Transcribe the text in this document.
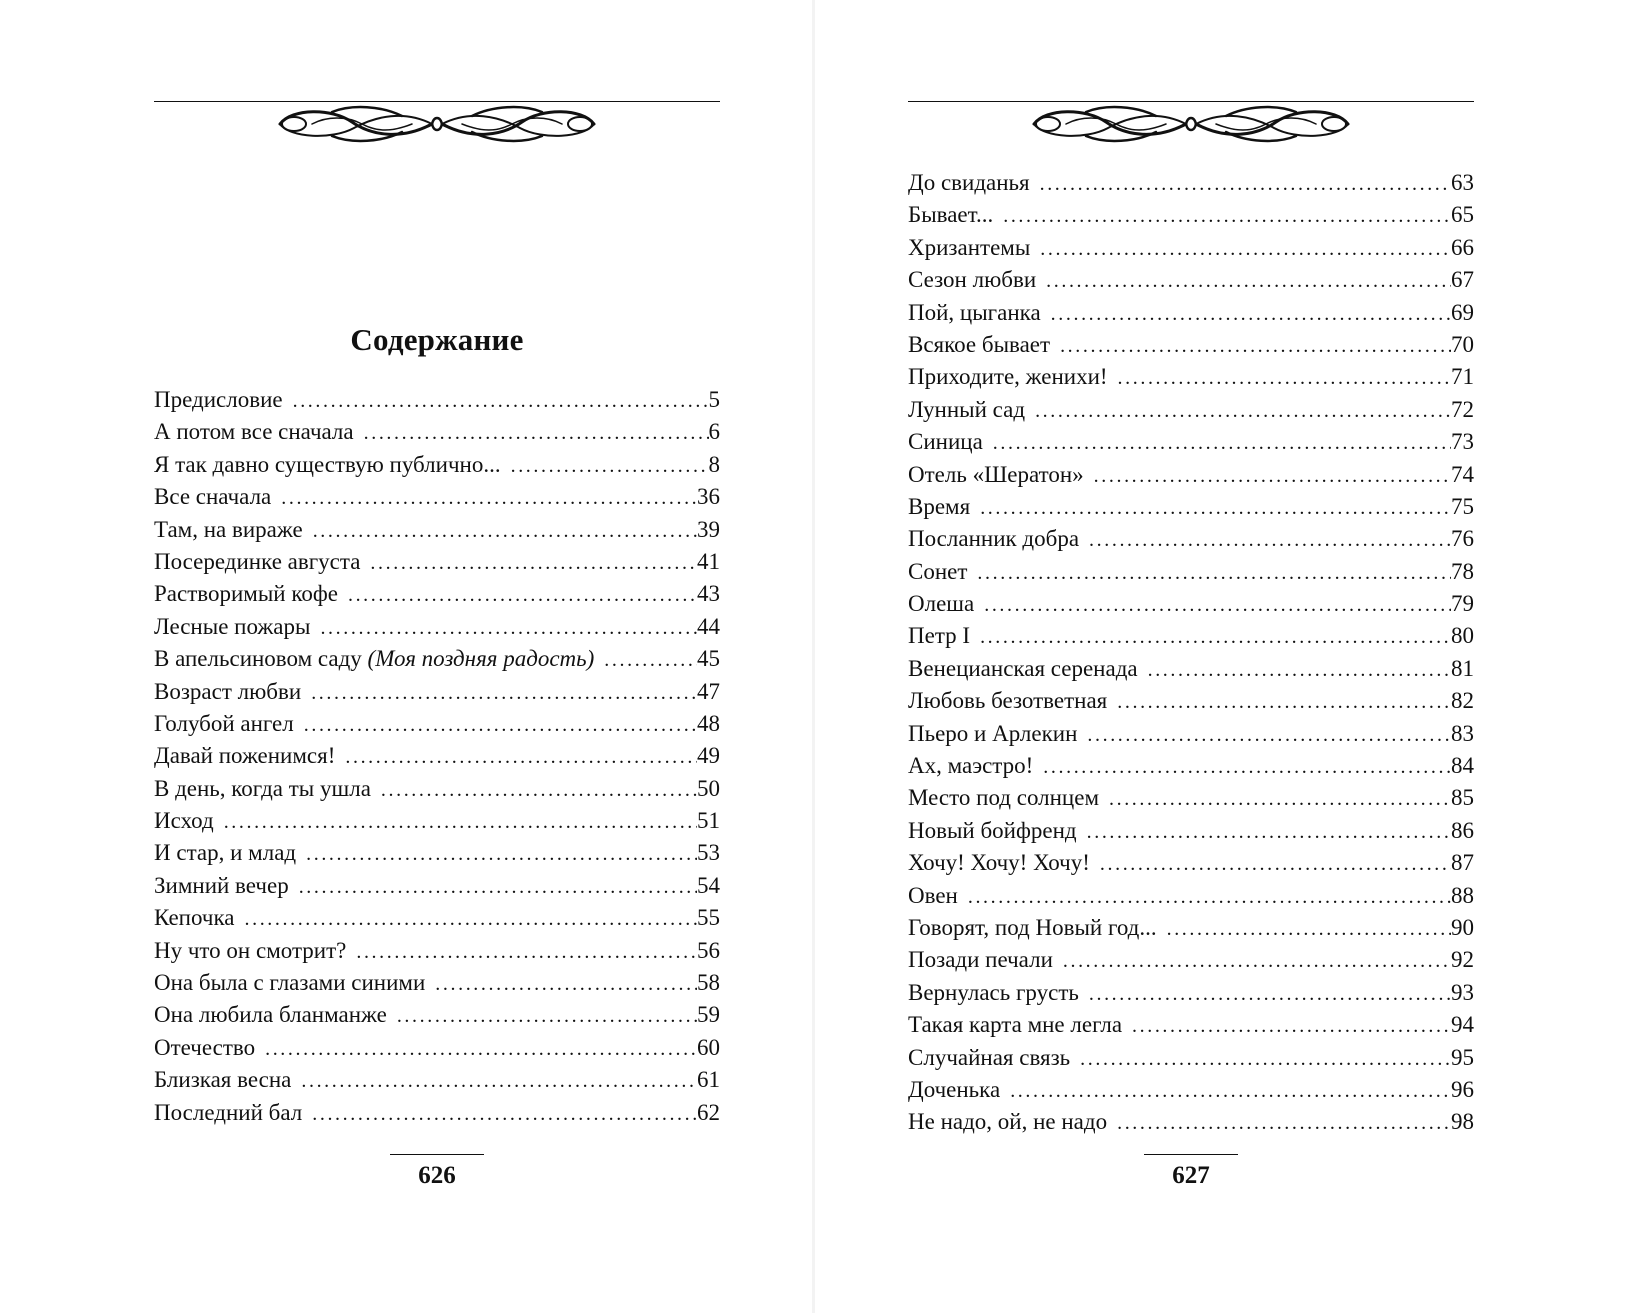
Содержание
Предисловие . . .	5
А потом все сначала . . .	6
Я так давно существую публично... . . .	8
Все сначала . . .	36
Там, на вираже . . .	39
Посерединке августа . . .	41
Растворимый кофе . . .	43
Лесные пожары . . .	44
В апельсиновом саду (Моя поздняя радость) . . .	45
Возраст любви . . .	47
Голубой ангел . . .	48
Давай поженимся! . . .	49
В день, когда ты ушла . . .	50
Исход . . .	51
И стар, и млад . . .	53
Зимний вечер . . .	54
Кепочка . . .	55
Ну что он смотрит? . . .	56
Она была с глазами синими . . .	58
Она любила бланманже . . .	59
Отечество . . .	60
Близкая весна . . .	61
Последний бал . . .	62
626
До свиданья . . .	63
Бывает... . . .	65
Хризантемы . . .	66
Сезон любви . . .	67
Пой, цыганка . . .	69
Всякое бывает . . .	70
Приходите, женихи! . . .	71
Лунный сад . . .	72
Синица . . .	73
Отель «Шератон» . . .	74
Время . . .	75
Посланник добра . . .	76
Сонет . . .	78
Олеша . . .	79
Петр I . . .	80
Венецианская серенада . . .	81
Любовь безответная . . .	82
Пьеро и Арлекин . . .	83
Ах, маэстро! . . .	84
Место под солнцем . . .	85
Новый бойфренд . . .	86
Хочу! Хочу! Хочу! . . .	87
Овен . . .	88
Говорят, под Новый год... . . .	90
Позади печали . . .	92
Вернулась грусть . . .	93
Такая карта мне легла . . .	94
Случайная связь . . .	95
Доченька . . .	96
Не надо, ой, не надо . . .	98
627
